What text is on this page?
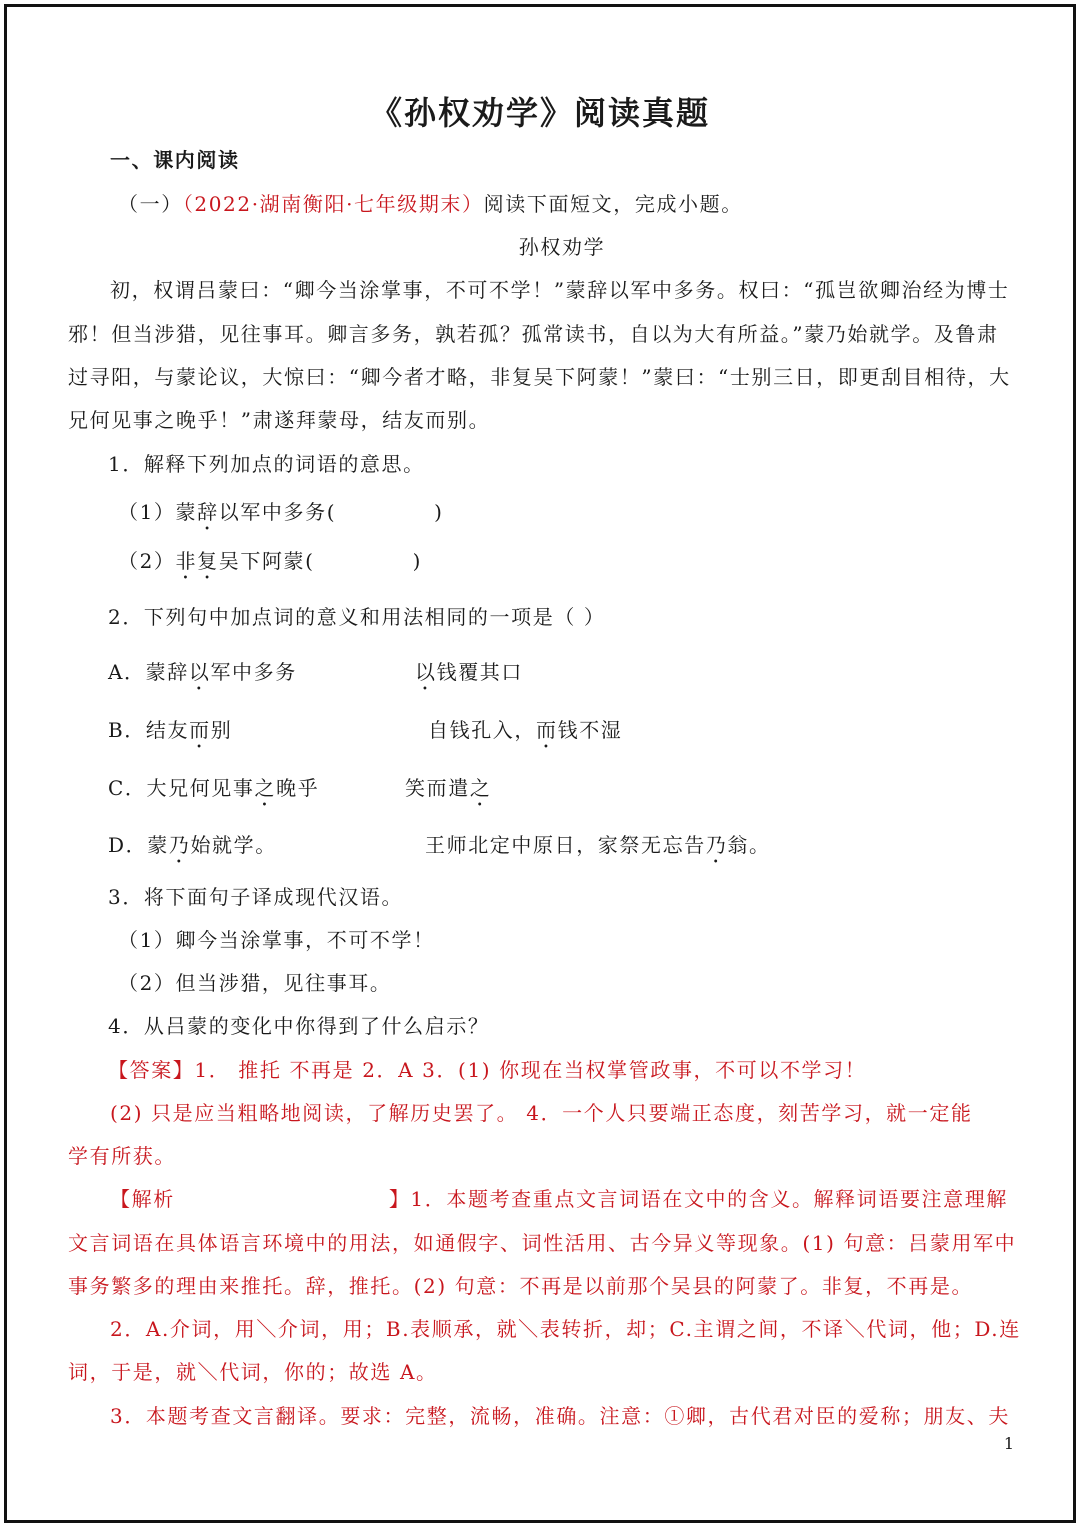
《孙权劝学》阅读真题
一、课内阅读
（一）（2022·湖南衡阳·七年级期末）阅读下面短文，完成小题。
孙权劝学
初，权谓吕蒙曰：“卿今当涂掌事，不可不学！”蒙辞以军中多务。权曰：“孤岂欲卿治经为博士
邪！但当涉猎，见往事耳。卿言多务，孰若孤？孤常读书，自以为大有所益。”蒙乃始就学。及鲁肃
过寻阳，与蒙论议，大惊曰：“卿今者才略，非复吴下阿蒙！”蒙曰：“士别三日，即更刮目相待，大
兄何见事之晚乎！”肃遂拜蒙母，结友而别。
1．解释下列加点的词语的意思。
（1）蒙辞以军中多务(	)
（2）非复吴下阿蒙(	)
2．下列句中加点词的意义和用法相同的一项是（ ）
A．蒙辞以军中多务	以钱覆其口
B．结友而别	自钱孔入，而钱不湿
C．大兄何见事之晚乎	笑而遣之
D．蒙乃始就学。	王师北定中原日，家祭无忘告乃翁。
3．将下面句子译成现代汉语。
（1）卿今当涂掌事，不可不学！
（2）但当涉猎，见往事耳。
4．从吕蒙的变化中你得到了什么启示？
【答案】1． 推托 不再是 2．A 3．(1) 你现在当权掌管政事，不可以不学习！
(2) 只是应当粗略地阅读，了解历史罢了。 4．一个人只要端正态度，刻苦学习，就一定能
学有所获。
【解析	】1．本题考查重点文言词语在文中的含义。解释词语要注意理解
文言词语在具体语言环境中的用法，如通假字、词性活用、古今异义等现象。(1) 句意：吕蒙用军中
事务繁多的理由来推托。辞，推托。(2) 句意：不再是以前那个吴县的阿蒙了。非复，不再是。
2．A.介词，用＼介词，用；B.表顺承，就＼表转折，却；C.主谓之间，不译＼代词，他；D.连
词，于是，就＼代词，你的；故选 A。
3．本题考查文言翻译。要求：完整，流畅，准确。注意：①卿，古代君对臣的爱称；朋友、夫
1
